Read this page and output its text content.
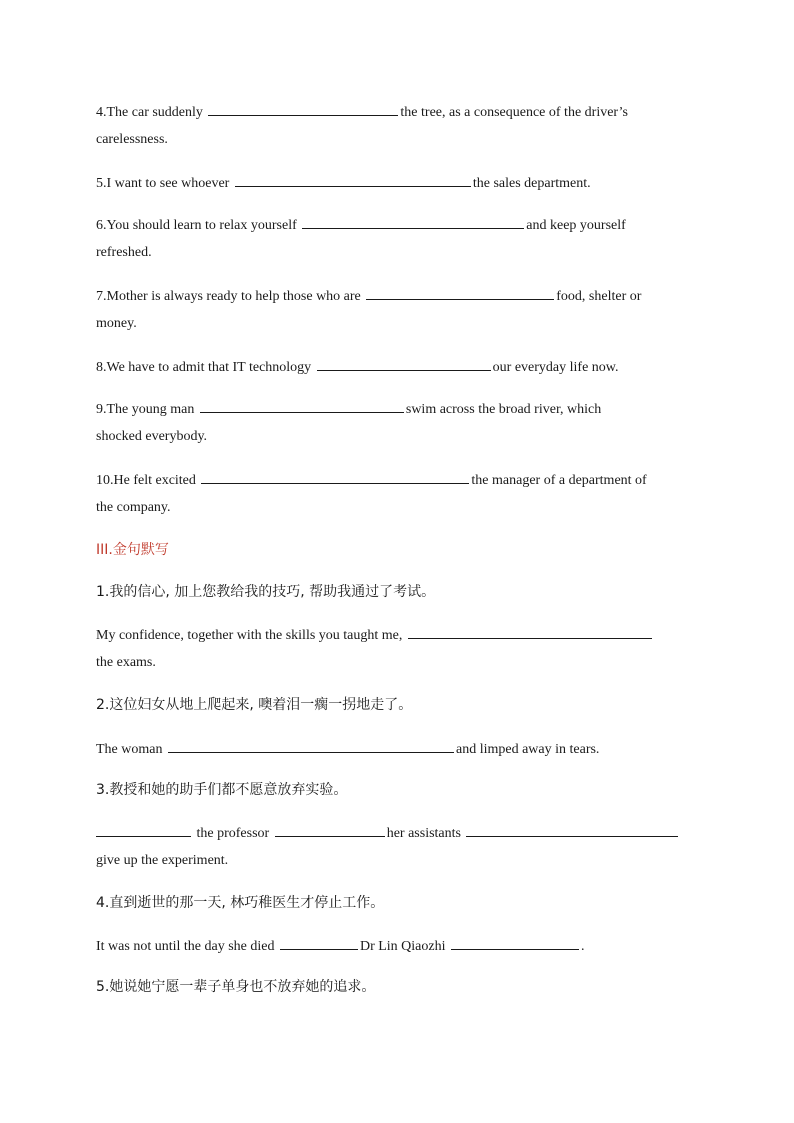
4.The car suddenly	the tree, as a consequence of the driver’s
carelessness.
5.I want to see whoever	the sales department.
6.You should learn to relax yourself	and keep yourself
refreshed.
7.Mother is always ready to help those who are	food, shelter or
money.
8.We have to admit that IT technology	our everyday life now.
9.The young man	swim across the broad river, which
shocked everybody.
10.He felt excited	the manager of a department of
the company.
III.金句默写
1.我的信心, 加上您教给我的技巧, 帮助我通过了考试。
My confidence, together with the skills you taught me,
the exams.
2.这位妇女从地上爬起来, 噢着泪一瘸一拐地走了。
The woman	and limped away in tears.
3.教授和她的助手们都不愿意放弃实验。
the professor	her assistants
give up the experiment.
4.直到逝世的那一天, 林巧稚医生才停止工作。
It was not until the day she died	Dr Lin Qiaozhi	.
5.她说她宁愿一辈子单身也不放弃她的追求。
